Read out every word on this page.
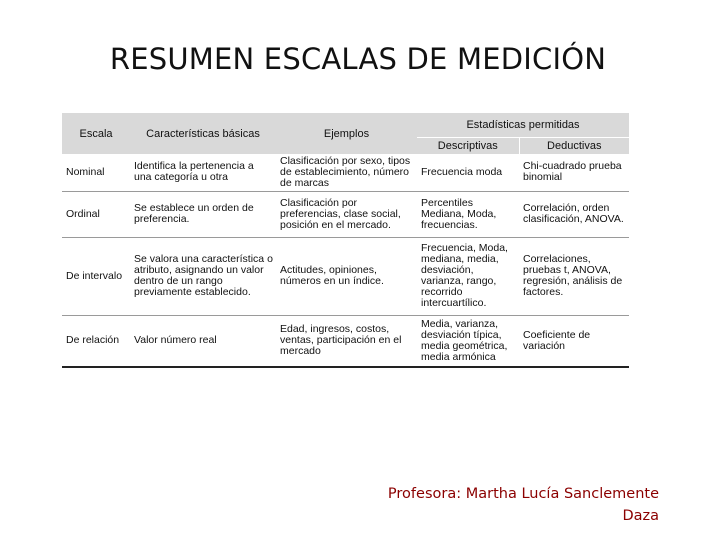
RESUMEN ESCALAS DE MEDICIÓN
Escala	Características básicas	Ejemplos	Estadísticas permitidas	
			Descriptivas	Deductivas
Nominal	Identifica la pertenencia a una categoría u otra	Clasificación por sexo, tipos de establecimiento, número de marcas	Frecuencia moda	Chi-cuadrado prueba binomial
Ordinal	Se establece un orden de preferencia.	Clasificación por preferencias, clase social, posición en el mercado.	Percentiles Mediana, Moda, frecuencias.	Correlación, orden clasificación, ANOVA.
De intervalo	Se valora una característica o atributo, asignando un valor dentro de un rango previamente establecido.	Actitudes, opiniones, números en un índice.	Frecuencia, Moda, mediana, media, desviación, varianza, rango, recorrido intercuartílico.	Correlaciones, pruebas t, ANOVA, regresión, análisis de factores.
De relación	Valor número real	Edad, ingresos, costos, ventas, participación en el mercado	Media, varianza, desviación típica, media geométrica, media armónica	Coeficiente de variación
Profesora: Martha Lucía Sanclemente
Daza
